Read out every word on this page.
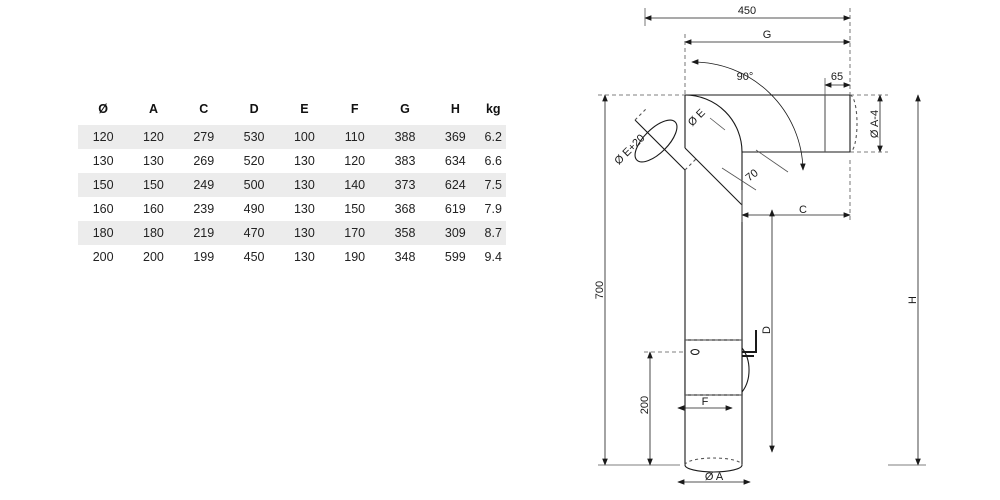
Ø	A	C	D	E	F	G	H	kg
120	120	279	530	100	110	388	369	6.2
130	130	269	520	130	120	383	634	6.6
150	150	249	500	130	140	373	624	7.5
160	160	239	490	130	150	368	619	7.9
180	180	219	470	130	170	358	309	8.7
200	200	199	450	130	190	348	599	9.4
450
G
90°	65
Ø A-4
H
700
200
D
F
C
Ø A
Ø E+20
Ø E
70
